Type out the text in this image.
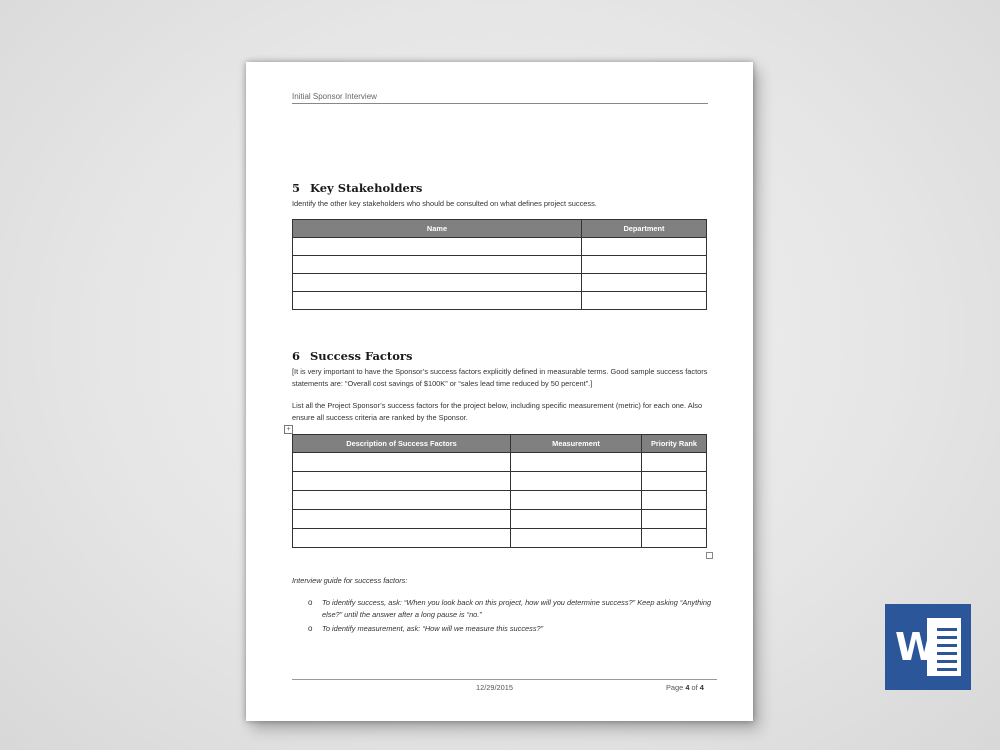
Initial Sponsor Interview
5 Key Stakeholders
Identify the other key stakeholders who should be consulted on what defines project success.
Name	Department

6 Success Factors
[It is very important to have the Sponsor’s success factors explicitly defined in measurable terms. Good sample success factors statements are: “Overall cost savings of $100K” or “sales lead time reduced by 50 percent”.]
List all the Project Sponsor’s success factors for the project below, including specific measurement (metric) for each one. Also ensure all success criteria are ranked by the Sponsor.
+
Description of Success Factors	Measurement	Priority Rank

Interview guide for success factors:
o To identify success, ask: “When you look back on this project, how will you determine success?” Keep asking “Anything else?” until the answer after a long pause is “no.”
o To identify measurement, ask: “How will we measure this success?”
12/29/2015	Page 4 of 4
W
